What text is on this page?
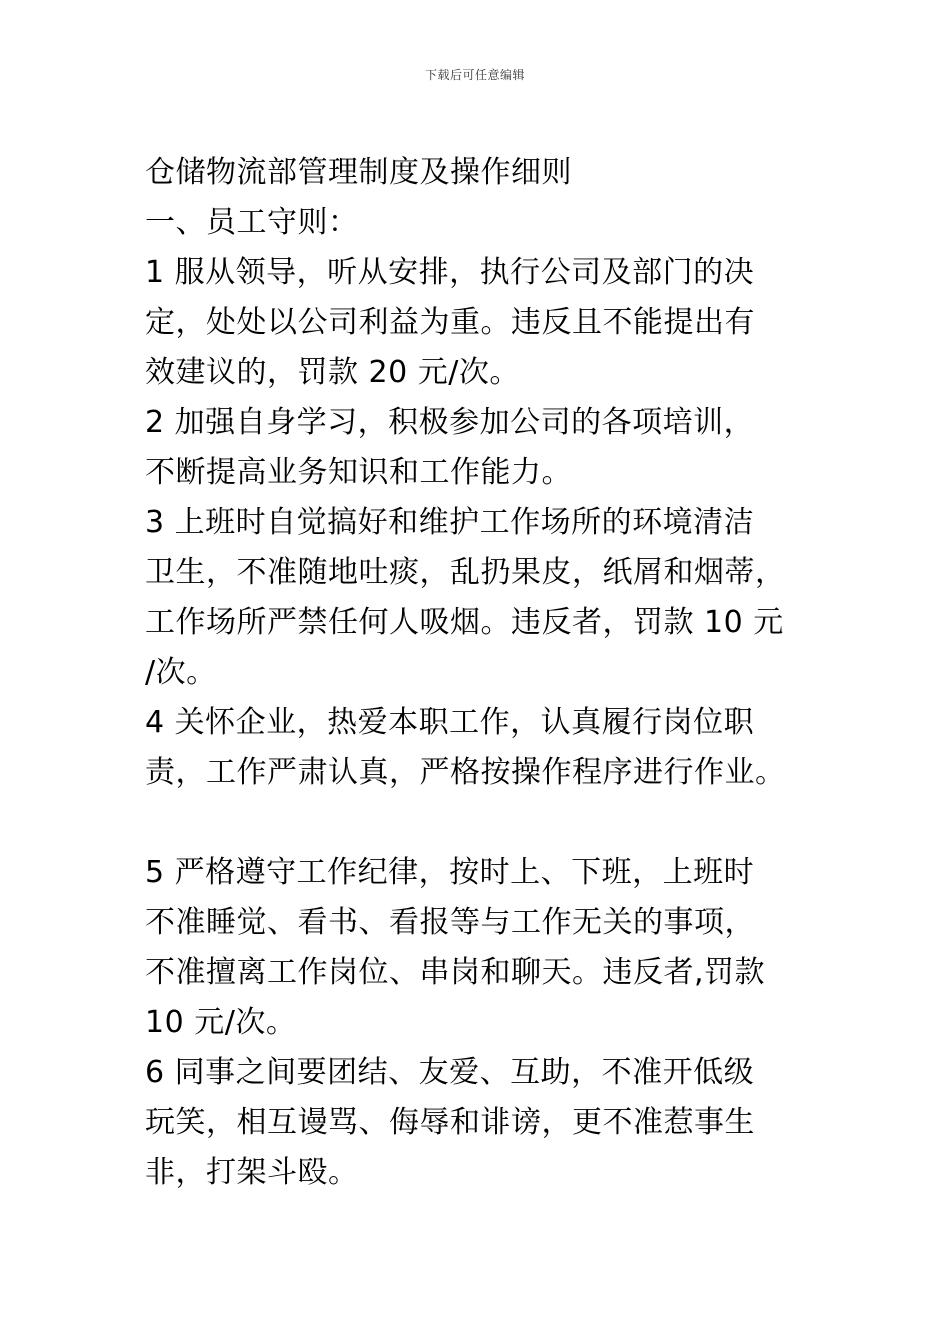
下载后可任意编辑
仓储物流部管理制度及操作细则
一、员工守则：
1 服从领导，听从安排，执行公司及部门的决
定，处处以公司利益为重。违反且不能提出有
效建议的，罚款 20 元/次。
2 加强自身学习，积极参加公司的各项培训，
不断提高业务知识和工作能力。
3 上班时自觉搞好和维护工作场所的环境清洁
卫生，不准随地吐痰，乱扔果皮，纸屑和烟蒂，
工作场所严禁任何人吸烟。违反者，罚款 10 元
/次。
4 关怀企业，热爱本职工作，认真履行岗位职
责，工作严肃认真，严格按操作程序进行作业。
5 严格遵守工作纪律，按时上、下班，上班时
不准睡觉、看书、看报等与工作无关的事项，
不准擅离工作岗位、串岗和聊天。违反者,罚款
10 元/次。
6 同事之间要团结、友爱、互助，不准开低级
玩笑，相互谩骂、侮辱和诽谤，更不准惹事生
非，打架斗殴。
